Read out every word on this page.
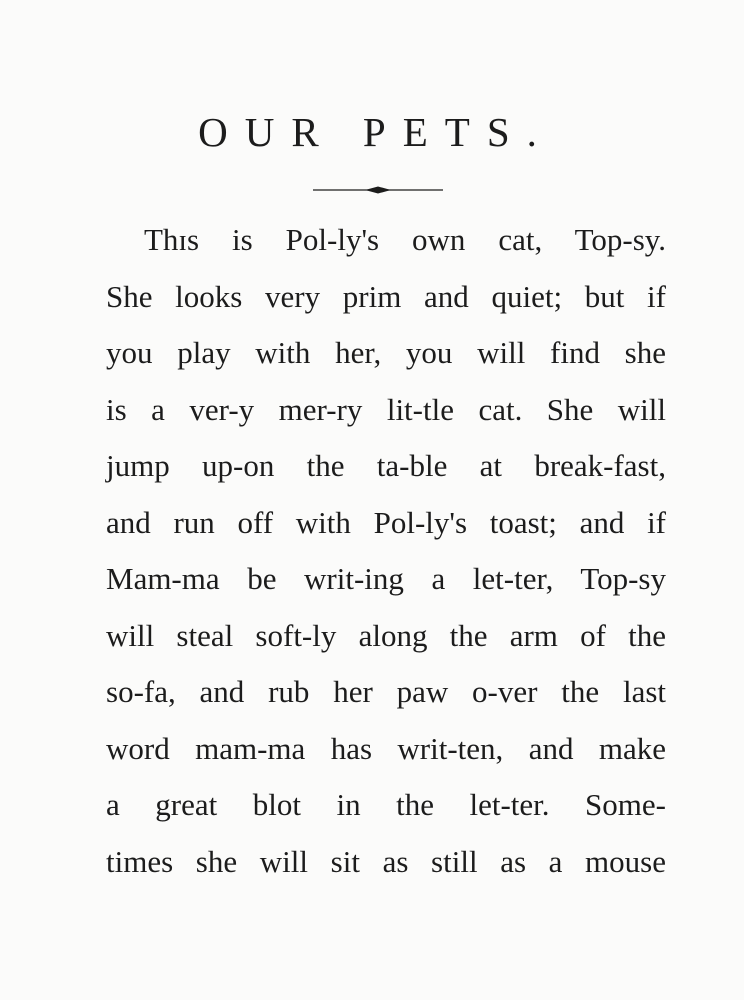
OUR PETS.
Thɪs is Pol-ly's own cat, Top-sy.
She looks very prim and quiet; but if
you play with her, you will find she
is a ver-y mer-ry lit-tle cat. She will
jump up-on the ta-ble at break-fast,
and run off with Pol-ly's toast; and if
Mam-ma be writ-ing a let-ter, Top-sy
will steal soft-ly along the arm of the
so-fa, and rub her paw o-ver the last
word mam-ma has writ-ten, and make
a great blot in the let-ter. Some-
times she will sit as still as a mouse
